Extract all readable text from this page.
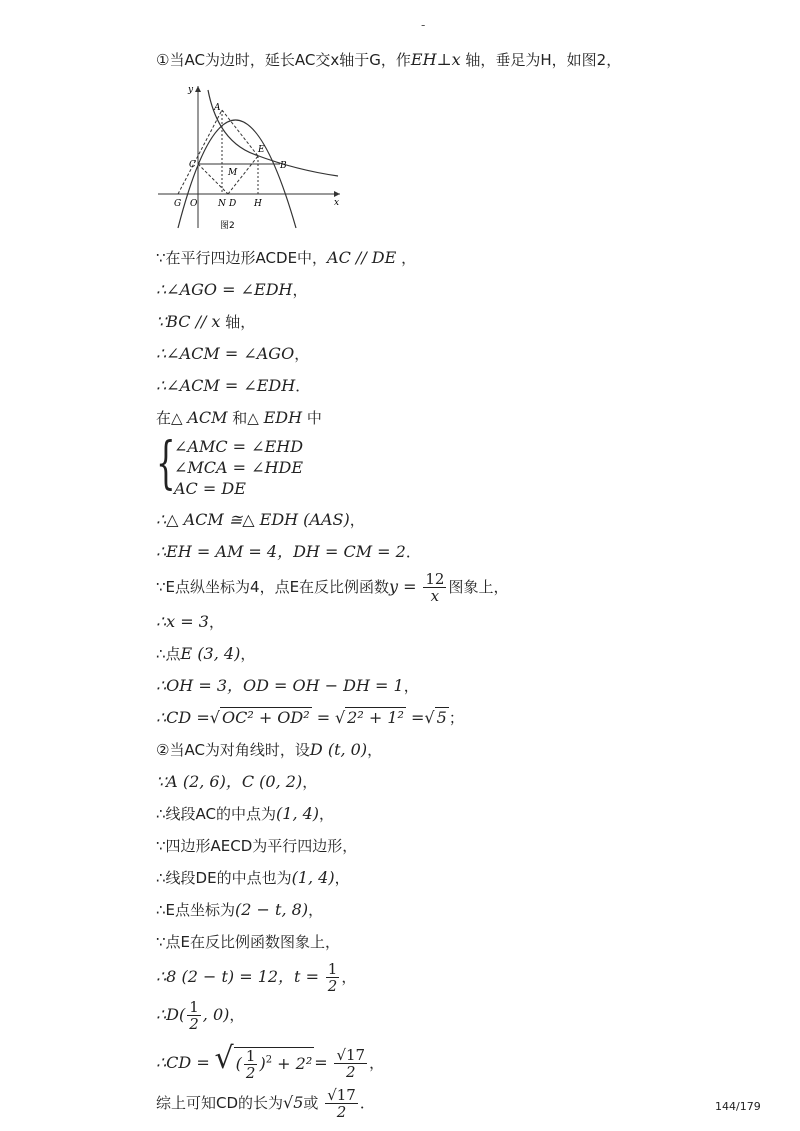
-
①当AC为边时，延长AC交x轴于G，作EH⊥x 轴，垂足为H，如图2，
y
x
A
E
C
M
B
G O N D H
图2
∵在平行四边形ACDE中，AC // DE ，
∴∠AGO = ∠EDH，
∵BC // x 轴，
∴∠ACM = ∠AGO，
∴∠ACM = ∠EDH．
在△ ACM 和△ EDH 中
{
∠AMC = ∠EHD
∠MCA = ∠HDE
AC = DE
∴△ ACM ≅△ EDH (AAS)，
∴EH = AM = 4，DH = CM = 2．
∵E点纵坐标为4，点E在反比例函数$y = \frac{12}{x}$ 图象上，
∴x = 3，
∴点E (3, 4)，
∴OH = 3，OD = OH − DH = 1，
∴CD =√ OC² + OD² = √ 2² + 1² =√ 5 ；
②当AC为对角线时，设D (t, 0)，
∵A (2, 6)，C (0, 2)，
∴线段AC的中点为(1, 4)，
∵四边形AECD为平行四边形，
∴线段DE的中点也为(1, 4)，
∴E点坐标为(2 − t, 8)，
∵点E在反比例函数图象上，
∴8 (2 − t) = 12，$t = \frac{1}{2}$ ，
∴D( $\frac{1}{2}$ , 0)，
∴CD = √ ( $\frac{1}{2} )^2 + 2^2 = \frac{√17}{2}$ ，
综上可知CD的长为√5或 $\frac{√17}{2}$ ．	144/179
